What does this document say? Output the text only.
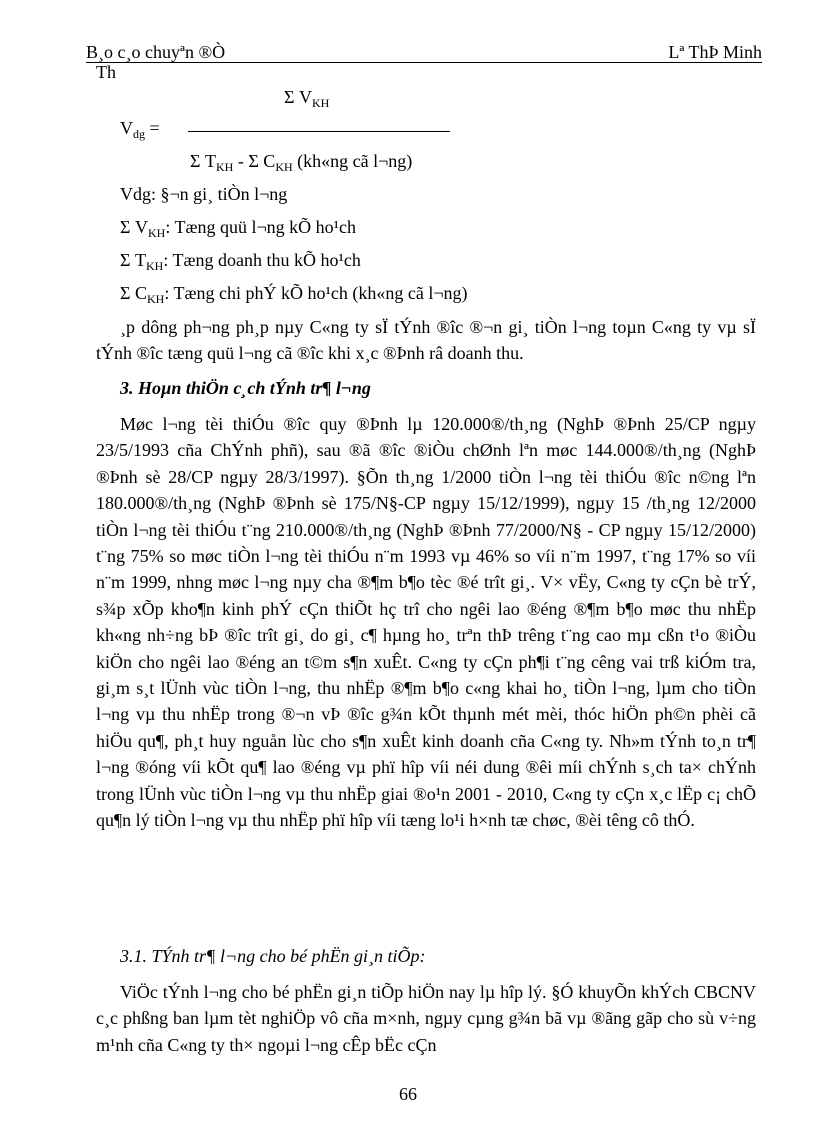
B¸o c¸o chuyªn ®Ò	Lª ThÞ Minh
Th
Σ $V_{KH}$
$V_{dg}$ =
Σ $T_{KH}$ - Σ $C_{KH}$ (kh«ng cã l¬ng)
Vdg: §¬n gi¸ tiÒn l¬ng
Σ $V_{KH}$: Tæng quü l¬ng kÕ ho¹ch
Σ $T_{KH}$: Tæng doanh thu kÕ ho¹ch
Σ $C_{KH}$: Tæng chi phÝ kÕ ho¹ch (kh«ng cã l¬ng)

¸p dông ph¬ng ph¸p nµy C«ng ty sÏ tÝnh ®îc ®¬n gi¸ tiÒn l¬ng toµn C«ng ty vµ sÏ tÝnh ®îc tæng quü l¬ng cã ®îc khi x¸c ®Þnh râ doanh thu.

3. Hoµn thiÖn c¸ch tÝnh tr¶ l¬ng

Møc l¬ng tèi thiÓu ®îc quy ®Þnh lµ 120.000®/th¸ng (NghÞ ®Þnh 25/CP ngµy 23/5/1993 cña ChÝnh phñ), sau ®ã ®îc ®iÒu chØnh lªn møc 144.000®/th¸ng (NghÞ ®Þnh sè 28/CP ngµy 28/3/1997). §Õn th¸ng 1/2000 tiÒn l¬ng tèi thiÓu ®îc n©ng lªn 180.000®/th¸ng (NghÞ ®Þnh sè 175/N§-CP ngµy 15/12/1999), ngµy 15 /th¸ng 12/2000 tiÒn l¬ng tèi thiÓu t¨ng 210.000®/th¸ng (NghÞ ®Þnh 77/2000/N§ - CP ngµy 15/12/2000) t¨ng 75% so møc tiÒn l¬ng tèi thiÓu n¨m 1993 vµ 46% so víi n¨m 1997, t¨ng 17% so víi n¨m 1999, nhng møc l¬ng nµy cha ®¶m b¶o tèc ®é trît gi¸. V× vËy, C«ng ty cÇn bè trÝ, s¾p xÕp kho¶n kinh phÝ cÇn thiÕt hç trî cho ngêi lao ®éng ®¶m b¶o møc thu nhËp kh«ng nh÷ng bÞ ®îc trît gi¸ do gi¸ c¶ hµng ho¸ trªn thÞ trêng t¨ng cao mµ cßn t¹o ®iÒu kiÖn cho ngêi lao ®éng an t©m s¶n xuÊt. C«ng ty cÇn ph¶i t¨ng cêng vai trß kiÓm tra, gi¸m s¸t lÜnh vùc tiÒn l¬ng, thu nhËp ®¶m b¶o c«ng khai ho¸ tiÒn l¬ng, lµm cho tiÒn l¬ng vµ thu nhËp trong ®¬n vÞ ®îc g¾n kÕt thµnh mét mèi, thóc hiÖn ph©n phèi cã hiÖu qu¶, ph¸t huy nguån lùc cho s¶n xuÊt kinh doanh cña C«ng ty. Nh»m tÝnh to¸n tr¶ l¬ng ®óng víi kÕt qu¶ lao ®éng vµ phï hîp víi néi dung ®êi míi chÝnh s¸ch ta× chÝnh trong lÜnh vùc tiÒn l¬ng vµ thu nhËp giai ®o¹n 2001 - 2010, C«ng ty cÇn x¸c lËp c¡ chÕ qu¶n lý tiÒn l¬ng vµ thu nhËp phï hîp víi tæng lo¹i h×nh tæ chøc, ®èi têng cô thÓ.

3.1. TÝnh tr¶ l¬ng cho bé phËn gi¸n tiÕp:

ViÖc tÝnh l¬ng cho bé phËn gi¸n tiÕp hiÖn nay lµ hîp lý. §Ó khuyÕn khÝch CBCNV c¸c phßng ban lµm tèt nghiÖp vô cña m×nh, ngµy cµng g¾n bã vµ ®ãng gãp cho sù v÷ng m¹nh cña C«ng ty th× ngoµi l¬ng cÊp bËc cÇn

66
